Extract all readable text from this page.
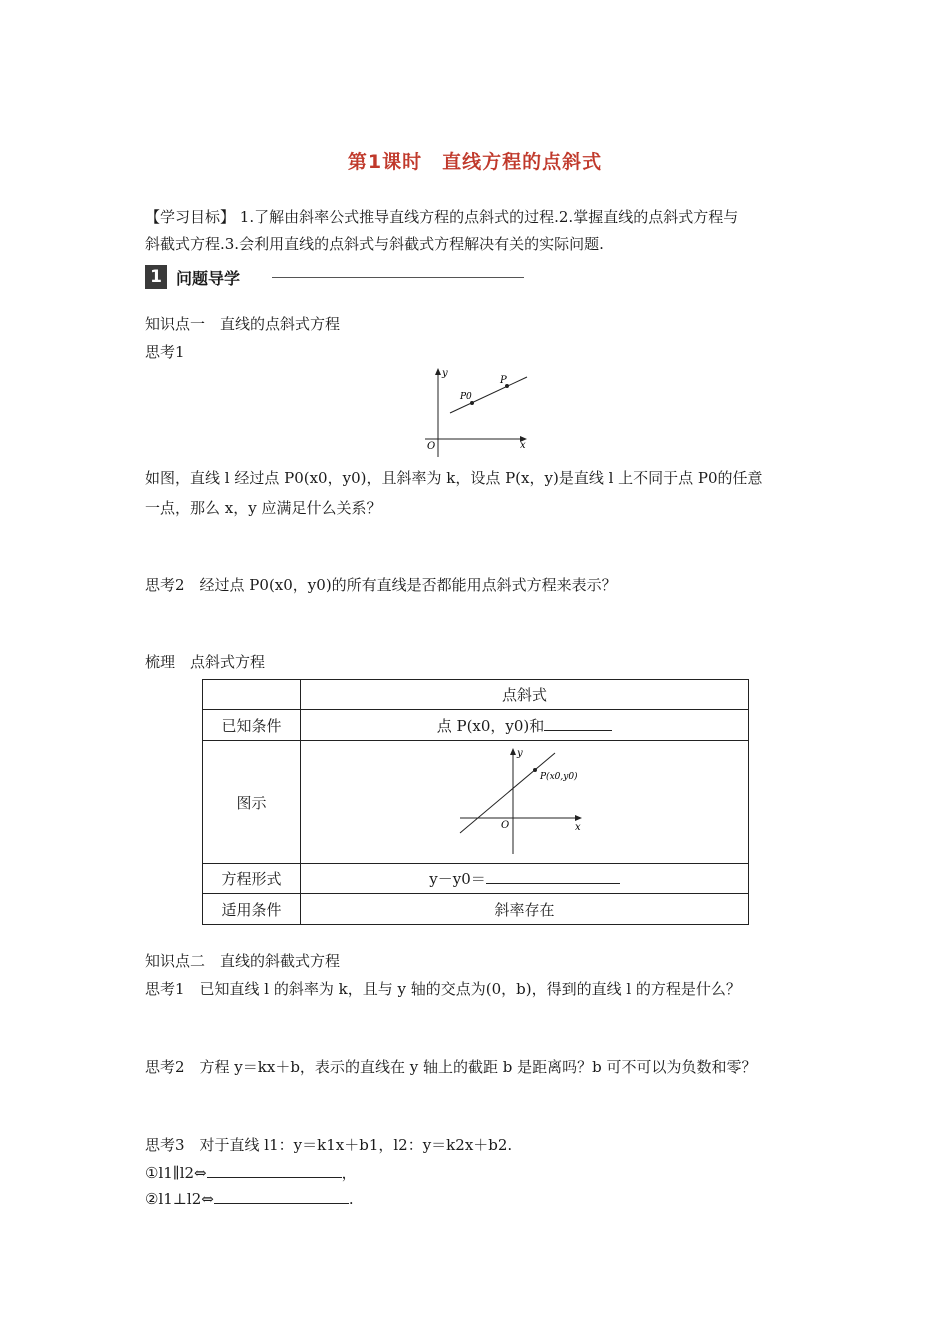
第1课时　直线方程的点斜式
【学习目标】 1.了解由斜率公式推导直线方程的点斜式的过程.2.掌握直线的点斜式方程与
斜截式方程.3.会利用直线的点斜式与斜截式方程解决有关的实际问题.
1 问题导学
知识点一　直线的点斜式方程
思考1
y
x
O
P0
P
如图，直线 l 经过点 P0(x0，y0)，且斜率为 k，设点 P(x，y)是直线 l 上不同于点 P0的任意
一点，那么 x，y 应满足什么关系？
思考2　经过点 P0(x0，y0)的所有直线是否都能用点斜式方程来表示？
梳理　点斜式方程
	点斜式
已知条件	点 P(x0，y0)和
图示	y
x
O
P(x0,y0)

方程形式	y－y0＝
适用条件	斜率存在
知识点二　直线的斜截式方程
思考1　已知直线 l 的斜率为 k，且与 y 轴的交点为(0，b)，得到的直线 l 的方程是什么？
思考2　方程 y＝kx＋b，表示的直线在 y 轴上的截距 b 是距离吗？b 可不可以为负数和零？
思考3　对于直线 l1：y＝k1x＋b1，l2：y＝k2x＋b2.
①l1∥l2⇔	，
②l1⊥l2⇔	.
